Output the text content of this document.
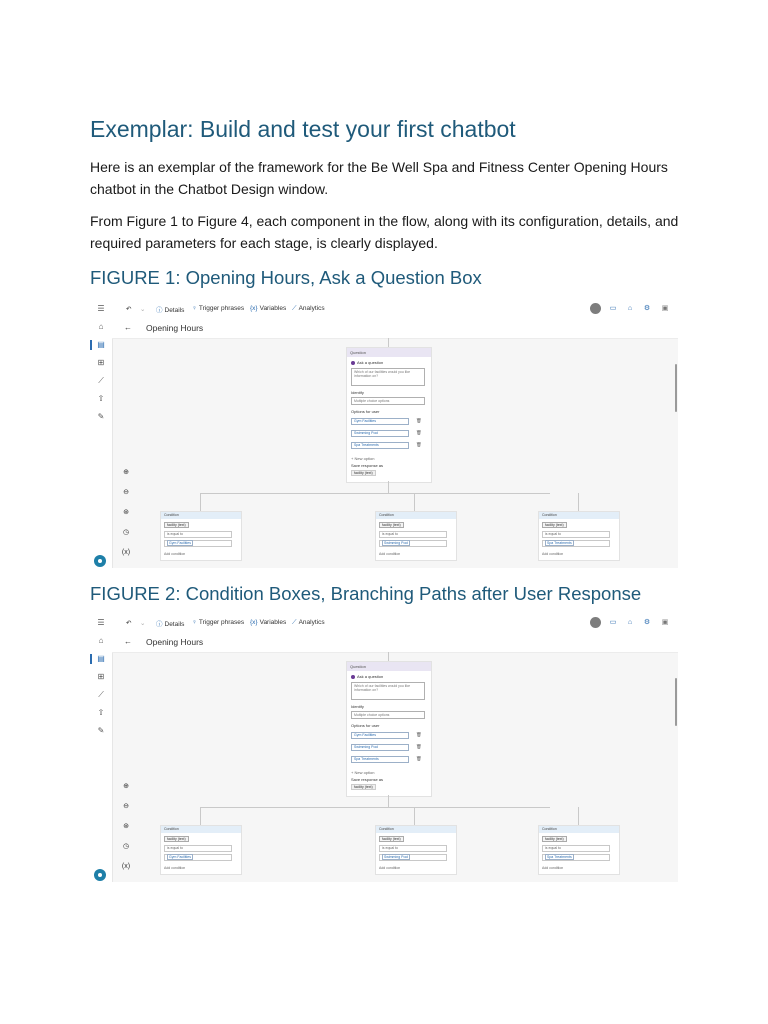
Exemplar: Build and test your first chatbot

Here is an exemplar of the framework for the Be Well Spa and Fitness Center Opening Hours chatbot in the Chatbot Design window.

From Figure 1 to Figure 4, each component in the flow, along with its configuration, details, and required parameters for each stage, is clearly displayed.

FIGURE 1: Opening Hours, Ask a Question Box
☰
⌂
▤
⊞
⟋
⇧
✎
↶ ⌄ ⓘ Details ♀ Trigger phrases {x} Variables ⟋ Analytics	▭	⌂	⚙ ▣
← Opening Hours
Question
Ask a question
Which of our facilities would you like information on?
Identify
Multiple choice options
Options for user
Gym Facilities	🗑
Swimming Pool	🗑
Spa Treatments	🗑
+ New option
Save response as
facility (text)
Condition
facility (text)
is equal to
Gym Facilities
Add condition
Condition
facility (text)
is equal to
Swimming Pool
Add condition
Condition
facility (text)
is equal to
Spa Treatments
Add condition
⊕
⊖
⊛
◷
(x)
FIGURE 2: Condition Boxes, Branching Paths after User Response
☰
⌂
▤
⊞
⟋
⇧
✎
↶ ⌄ ⓘ Details ♀ Trigger phrases {x} Variables ⟋ Analytics	▭	⌂	⚙ ▣
← Opening Hours
Question
Ask a question
Which of our facilities would you like information on?
Identify
Multiple choice options
Options for user
Gym Facilities	🗑
Swimming Pool	🗑
Spa Treatments	🗑
+ New option
Save response as
facility (text)
Condition
facility (text)
is equal to
Gym Facilities
Add condition
Condition
facility (text)
is equal to
Swimming Pool
Add condition
Condition
facility (text)
is equal to
Spa Treatments
Add condition
⊕
⊖
⊛
◷
(x)
